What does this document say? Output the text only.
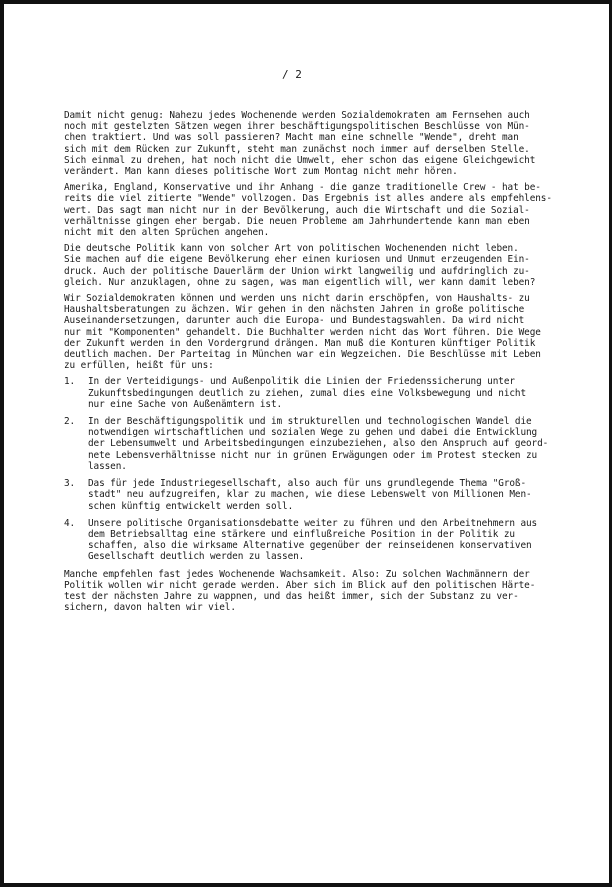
/ 2

Damit nicht genug: Nahezu jedes Wochenende werden Sozialdemokraten am Fernsehen auch
noch mit gestelzten Sätzen wegen ihrer beschäftigungspolitischen Beschlüsse von Mün-
chen traktiert. Und was soll passieren? Macht man eine schnelle "Wende", dreht man
sich mit dem Rücken zur Zukunft, steht man zunächst noch immer auf derselben Stelle.
Sich einmal zu drehen, hat noch nicht die Umwelt, eher schon das eigene Gleichgewicht
verändert. Man kann dieses politische Wort zum Montag nicht mehr hören.

Amerika, England, Konservative und ihr Anhang - die ganze traditionelle Crew - hat be-
reits die viel zitierte "Wende" vollzogen. Das Ergebnis ist alles andere als empfehlens-
wert. Das sagt man nicht nur in der Bevölkerung, auch die Wirtschaft und die Sozial-
verhältnisse gingen eher bergab. Die neuen Probleme am Jahrhundertende kann man eben
nicht mit den alten Sprüchen angehen.

Die deutsche Politik kann von solcher Art von politischen Wochenenden nicht leben.
Sie machen auf die eigene Bevölkerung eher einen kuriosen und Unmut erzeugenden Ein-
druck. Auch der politische Dauerlärm der Union wirkt langweilig und aufdringlich zu-
gleich. Nur anzuklagen, ohne zu sagen, was man eigentlich will, wer kann damit leben?

Wir Sozialdemokraten können und werden uns nicht darin erschöpfen, von Haushalts- zu
Haushaltsberatungen zu ächzen. Wir gehen in den nächsten Jahren in große politische
Auseinandersetzungen, darunter auch die Europa- und Bundestagswahlen. Da wird nicht
nur mit "Komponenten" gehandelt. Die Buchhalter werden nicht das Wort führen. Die Wege
der Zukunft werden in den Vordergrund drängen. Man muß die Konturen künftiger Politik
deutlich machen. Der Parteitag in München war ein Wegzeichen. Die Beschlüsse mit Leben
zu erfüllen, heißt für uns:

1.	In der Verteidigungs- und Außenpolitik die Linien der Friedenssicherung unter
Zukunftsbedingungen deutlich zu ziehen, zumal dies eine Volksbewegung und nicht
nur eine Sache von Außenämtern ist.
2.	In der Beschäftigungspolitik und im strukturellen und technologischen Wandel die
notwendigen wirtschaftlichen und sozialen Wege zu gehen und dabei die Entwicklung
der Lebensumwelt und Arbeitsbedingungen einzubeziehen, also den Anspruch auf geord-
nete Lebensverhältnisse nicht nur in grünen Erwägungen oder im Protest stecken zu
lassen.
3.	Das für jede Industriegesellschaft, also auch für uns grundlegende Thema "Groß-
stadt" neu aufzugreifen, klar zu machen, wie diese Lebenswelt von Millionen Men-
schen künftig entwickelt werden soll.
4.	Unsere politische Organisationsdebatte weiter zu führen und den Arbeitnehmern aus
dem Betriebsalltag eine stärkere und einflußreiche Position in der Politik zu
schaffen, also die wirksame Alternative gegenüber der reinseidenen konservativen
Gesellschaft deutlich werden zu lassen.

Manche empfehlen fast jedes Wochenende Wachsamkeit. Also: Zu solchen Wachmännern der
Politik wollen wir nicht gerade werden. Aber sich im Blick auf den politischen Härte-
test der nächsten Jahre zu wappnen, und das heißt immer, sich der Substanz zu ver-
sichern, davon halten wir viel.
